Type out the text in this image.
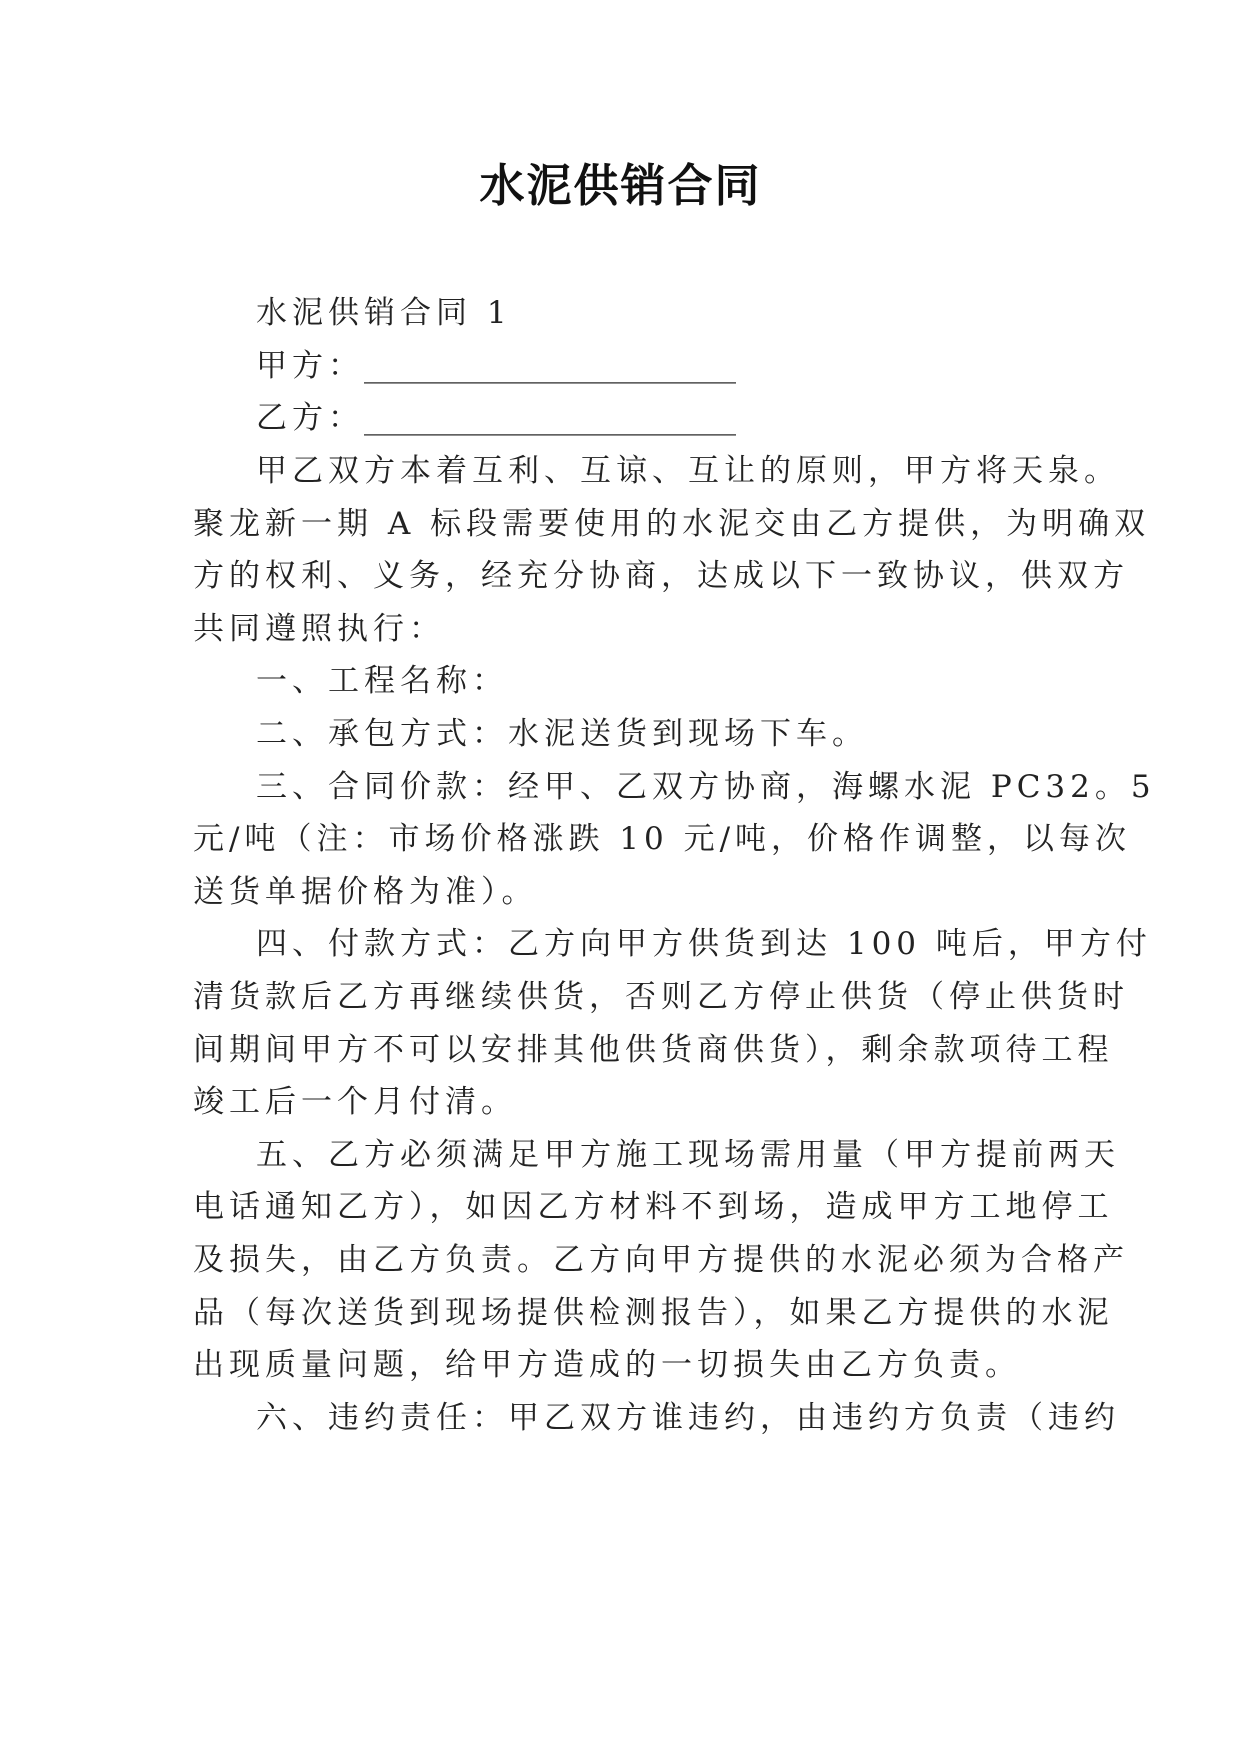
水泥供销合同

水泥供销合同 1

甲方：________________________

乙方：________________________

甲乙双方本着互利、互谅、互让的原则，甲方将天泉。

聚龙新一期 A 标段需要使用的水泥交由乙方提供，为明确双

方的权利、义务，经充分协商，达成以下一致协议，供双方

共同遵照执行：

一、工程名称：

二、承包方式：水泥送货到现场下车。

三、合同价款：经甲、乙双方协商，海螺水泥 PC32。5

元/吨（注：市场价格涨跌 10 元/吨，价格作调整，以每次

送货单据价格为准）。

四、付款方式：乙方向甲方供货到达 100 吨后，甲方付

清货款后乙方再继续供货，否则乙方停止供货（停止供货时

间期间甲方不可以安排其他供货商供货），剩余款项待工程

竣工后一个月付清。

五、乙方必须满足甲方施工现场需用量（甲方提前两天

电话通知乙方），如因乙方材料不到场，造成甲方工地停工

及损失，由乙方负责。乙方向甲方提供的水泥必须为合格产

品（每次送货到现场提供检测报告），如果乙方提供的水泥

出现质量问题，给甲方造成的一切损失由乙方负责。

六、违约责任：甲乙双方谁违约，由违约方负责（违约
